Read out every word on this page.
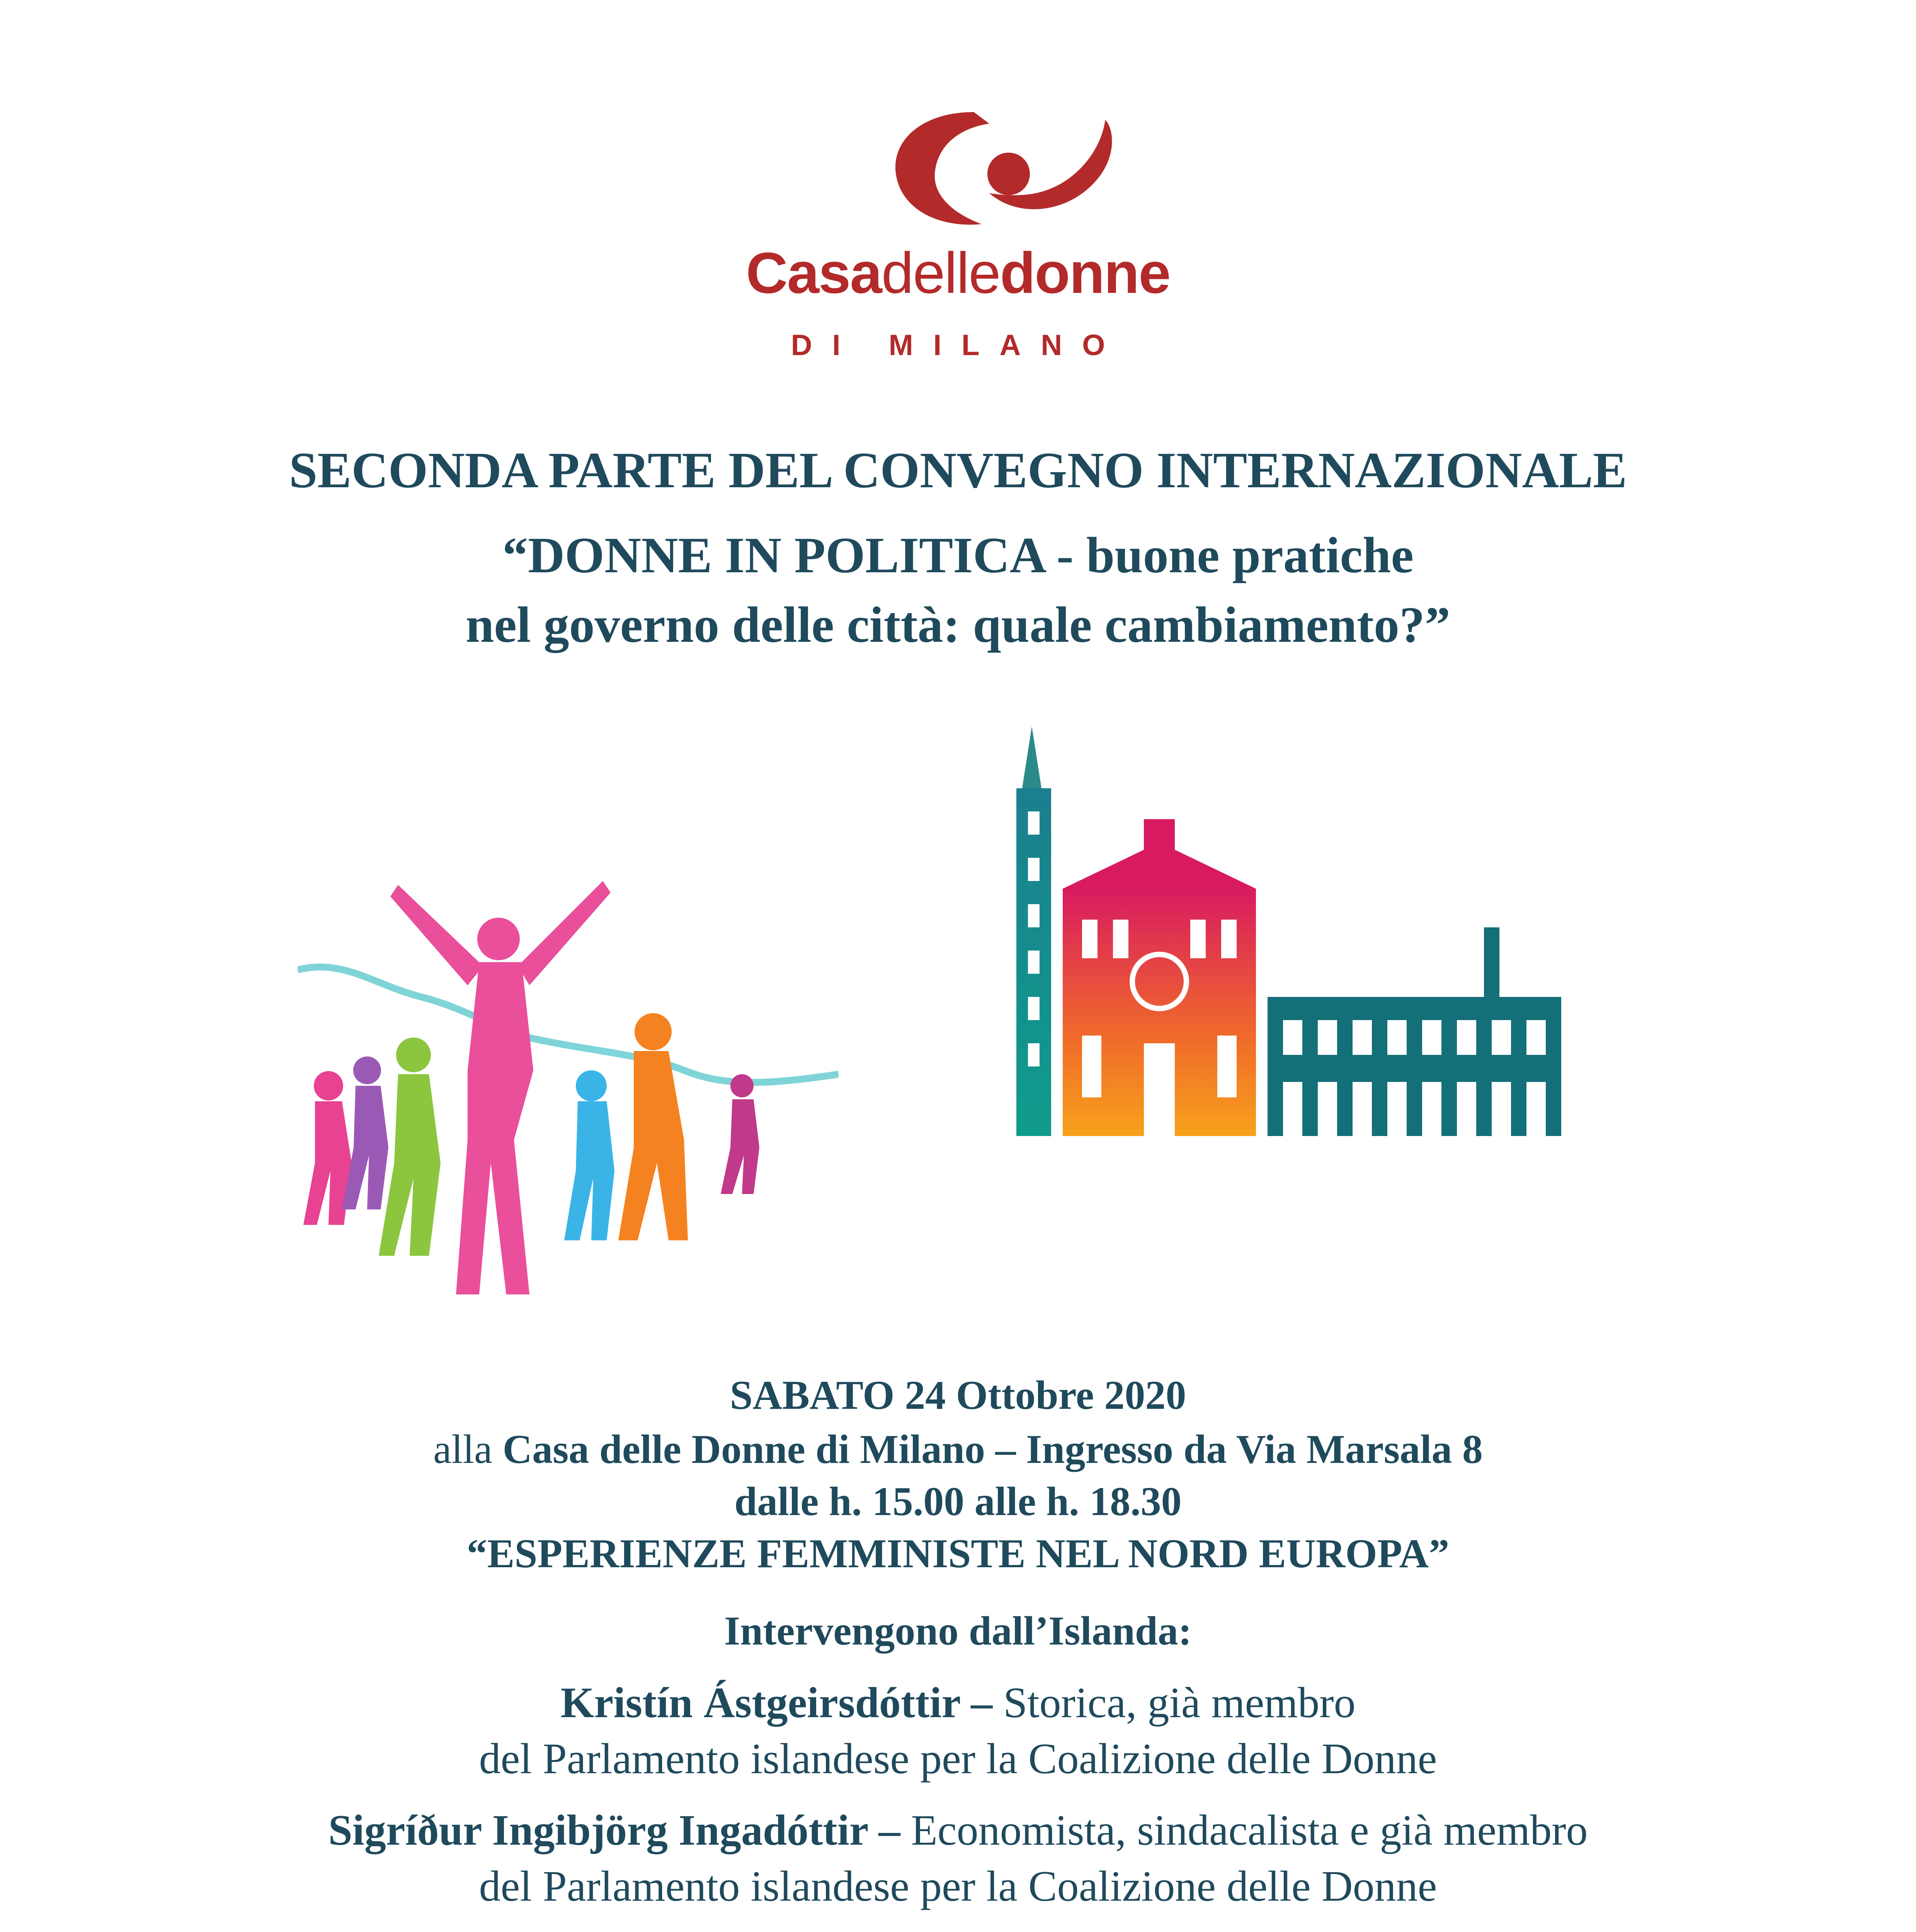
Casadelledonne
DI MILANO
SECONDA PARTE DEL CONVEGNO INTERNAZIONALE
“DONNE IN POLITICA - buone pratiche
nel governo delle città: quale cambiamento?”
SABATO 24 Ottobre 2020
alla Casa delle Donne di Milano – Ingresso da Via Marsala 8
dalle h. 15.00 alle h. 18.30
“ESPERIENZE FEMMINISTE NEL NORD EUROPA”
Intervengono dall’Islanda:
Kristín Ástgeirsdóttir – Storica, già membro
del Parlamento islandese per la Coalizione delle Donne
Sigríður Ingibjörg Ingadóttir – Economista, sindacalista e già membro
del Parlamento islandese per la Coalizione delle Donne
